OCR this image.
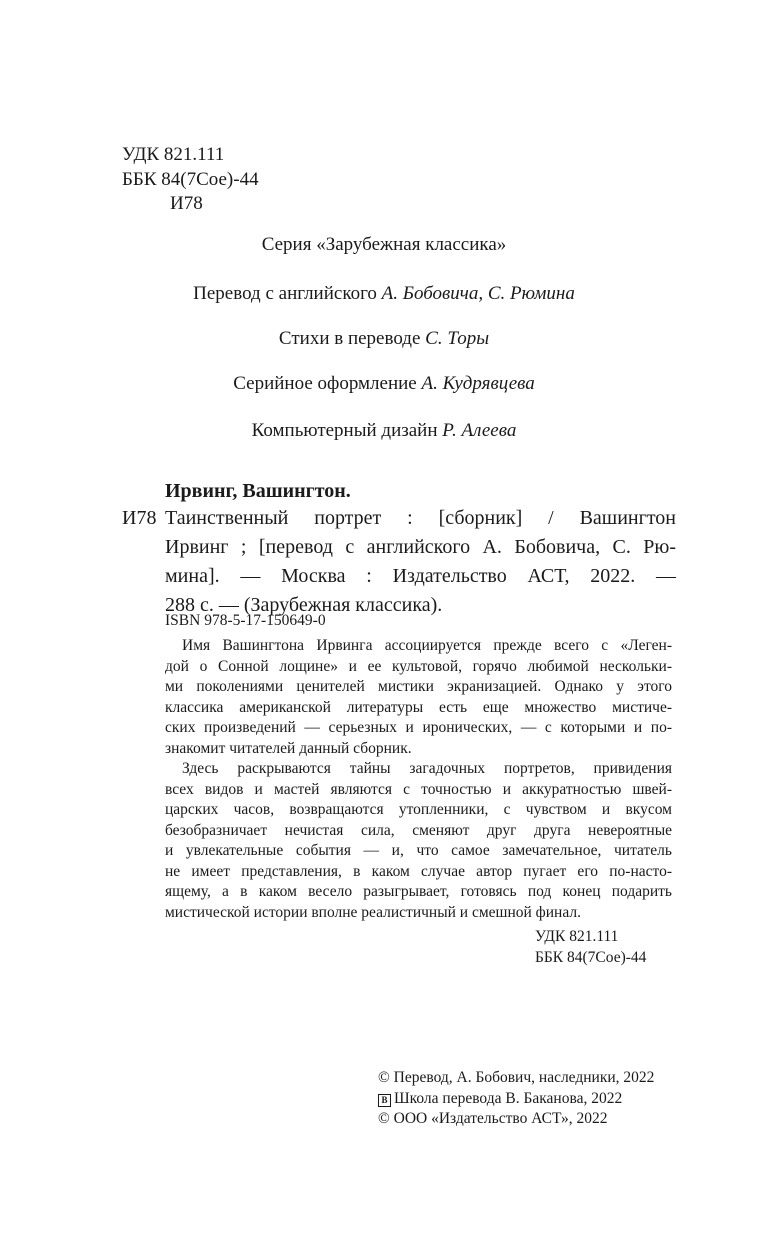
УДК 821.111
ББК 84(7Сое)-44
И78
Серия «Зарубежная классика»
Перевод с английского А. Бобовича, С. Рюмина
Стихи в переводе С. Торы
Серийное оформление А. Кудрявцева
Компьютерный дизайн Р. Алеева
Ирвинг, Вашингтон.
И78 Таинственный портрет : [сборник] / Вашингтон
Ирвинг ; [перевод с английского А. Бобовича, С. Рю-
мина]. — Москва : Издательство АСТ, 2022. —
288 с. — (Зарубежная классика).
ISBN 978-5-17-150649-0
Имя Вашингтона Ирвинга ассоциируется прежде всего с «Леген-
дой о Сонной лощине» и ее культовой, горячо любимой нескольки-
ми поколениями ценителей мистики экранизацией. Однако у этого
классика американской литературы есть еще множество мистиче-
ских произведений — серьезных и иронических, — с которыми и по-
знакомит читателей данный сборник.
Здесь раскрываются тайны загадочных портретов, привидения
всех видов и мастей являются с точностью и аккуратностью швей-
царских часов, возвращаются утопленники, с чувством и вкусом
безобразничает нечистая сила, сменяют друг друга невероятные
и увлекательные события — и, что самое замечательное, читатель
не имеет представления, в каком случае автор пугает его по-насто-
ящему, а в каком весело разыгрывает, готовясь под конец подарить
мистической истории вполне реалистичный и смешной финал.
УДК 821.111
ББК 84(7Сое)-44
© Перевод, А. Бобович, наследники, 2022
В Школа перевода В. Баканова, 2022
© ООО «Издательство АСТ», 2022
